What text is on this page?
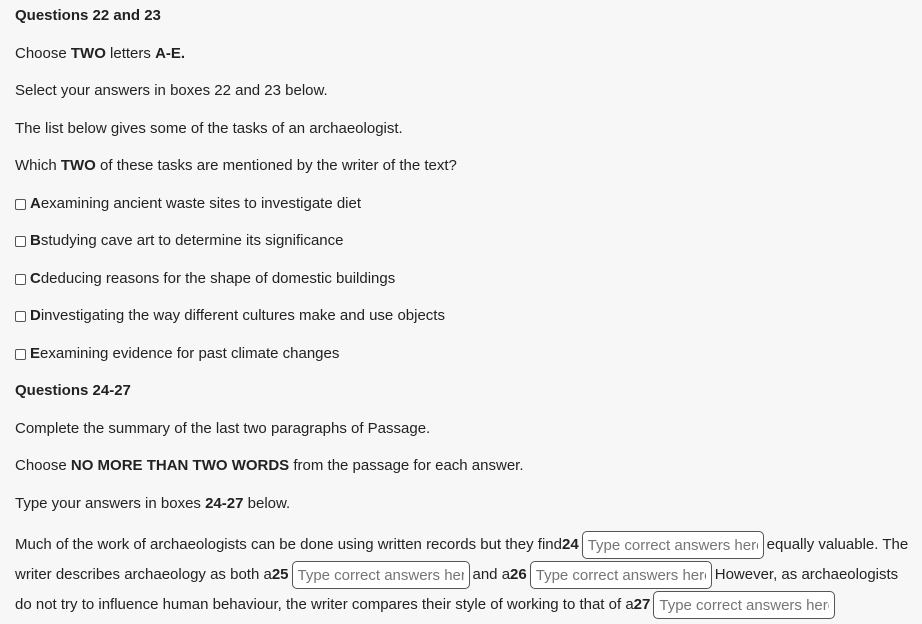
Questions 22 and 23
Choose TWO letters A-E.
Select your answers in boxes 22 and 23 below.
The list below gives some of the tasks of an archaeologist.
Which TWO of these tasks are mentioned by the writer of the text?
A examining ancient waste sites to investigate diet
B studying cave art to determine its significance
C deducing reasons for the shape of domestic buildings
D investigating the way different cultures make and use objects
E examining evidence for past climate changes
Questions 24-27
Complete the summary of the last two paragraphs of Passage.
Choose NO MORE THAN TWO WORDS from the passage for each answer.
Type your answers in boxes 24-27 below.
Much of the work of archaeologists can be done using written records but they find 24
Type correct answers here	equally valuable. The
writer describes archaeology as both a 25
Type correct answers here	and a 26
Type correct answers here	However, as archaeologists
do not try to influence human behaviour, the writer compares their style of working to that of a 27
Type correct answers here
